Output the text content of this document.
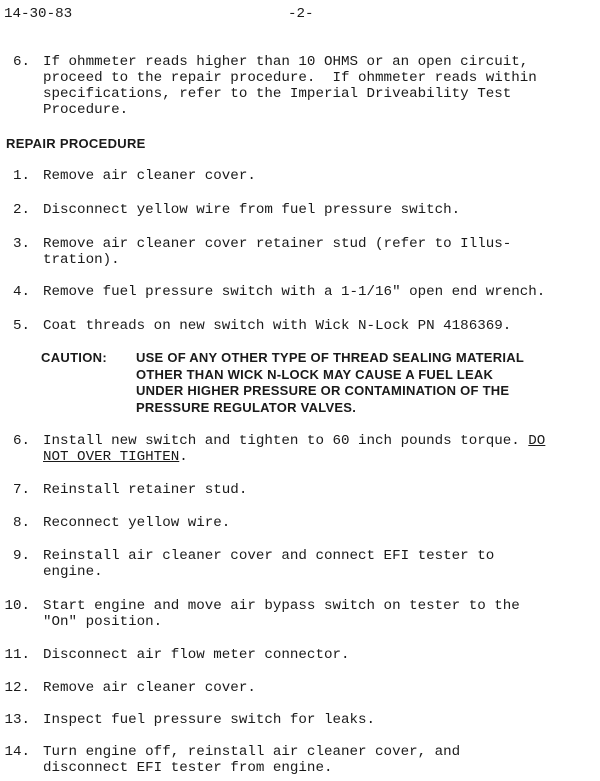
14-30-83	-2-
6. If ohmmeter reads higher than 10 OHMS or an open circuit,
proceed to the repair procedure.  If ohmmeter reads within
specifications, refer to the Imperial Driveability Test
Procedure.
REPAIR PROCEDURE
1. Remove air cleaner cover.
2. Disconnect yellow wire from fuel pressure switch.
3. Remove air cleaner cover retainer stud (refer to Illus-
tration).
4. Remove fuel pressure switch with a 1-1/16" open end wrench.
5. Coat threads on new switch with Wick N-Lock PN 4186369.
CAUTION: USE OF ANY OTHER TYPE OF THREAD SEALING MATERIAL
OTHER THAN WICK N-LOCK MAY CAUSE A FUEL LEAK
UNDER HIGHER PRESSURE OR CONTAMINATION OF THE
PRESSURE REGULATOR VALVES.
6. Install new switch and tighten to 60 inch pounds torque. DO
NOT OVER TIGHTEN.
7. Reinstall retainer stud.
8. Reconnect yellow wire.
9. Reinstall air cleaner cover and connect EFI tester to
engine.
10. Start engine and move air bypass switch on tester to the
"On" position.
11. Disconnect air flow meter connector.
12. Remove air cleaner cover.
13. Inspect fuel pressure switch for leaks.
14. Turn engine off, reinstall air cleaner cover, and
disconnect EFI tester from engine.
